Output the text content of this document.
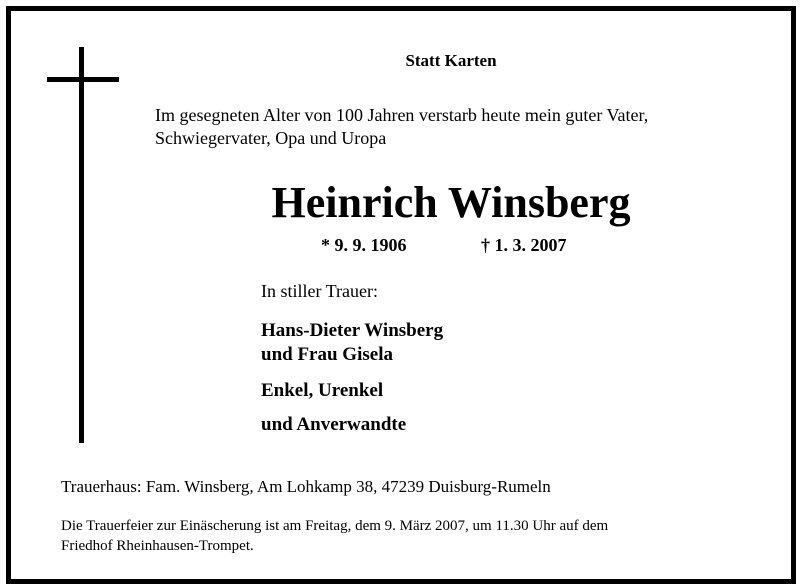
Statt Karten
Im gesegneten Alter von 100 Jahren verstarb heute mein guter Vater,
Schwiegervater, Opa und Uropa
Heinrich Winsberg
* 9. 9. 1906	† 1. 3. 2007
In stiller Trauer:
Hans-Dieter Winsberg
und Frau Gisela
Enkel, Urenkel
und Anverwandte
Trauerhaus: Fam. Winsberg, Am Lohkamp 38, 47239 Duisburg-Rumeln
Die Trauerfeier zur Einäscherung ist am Freitag, dem 9. März 2007, um 11.30 Uhr auf dem
Friedhof Rheinhausen-Trompet.
